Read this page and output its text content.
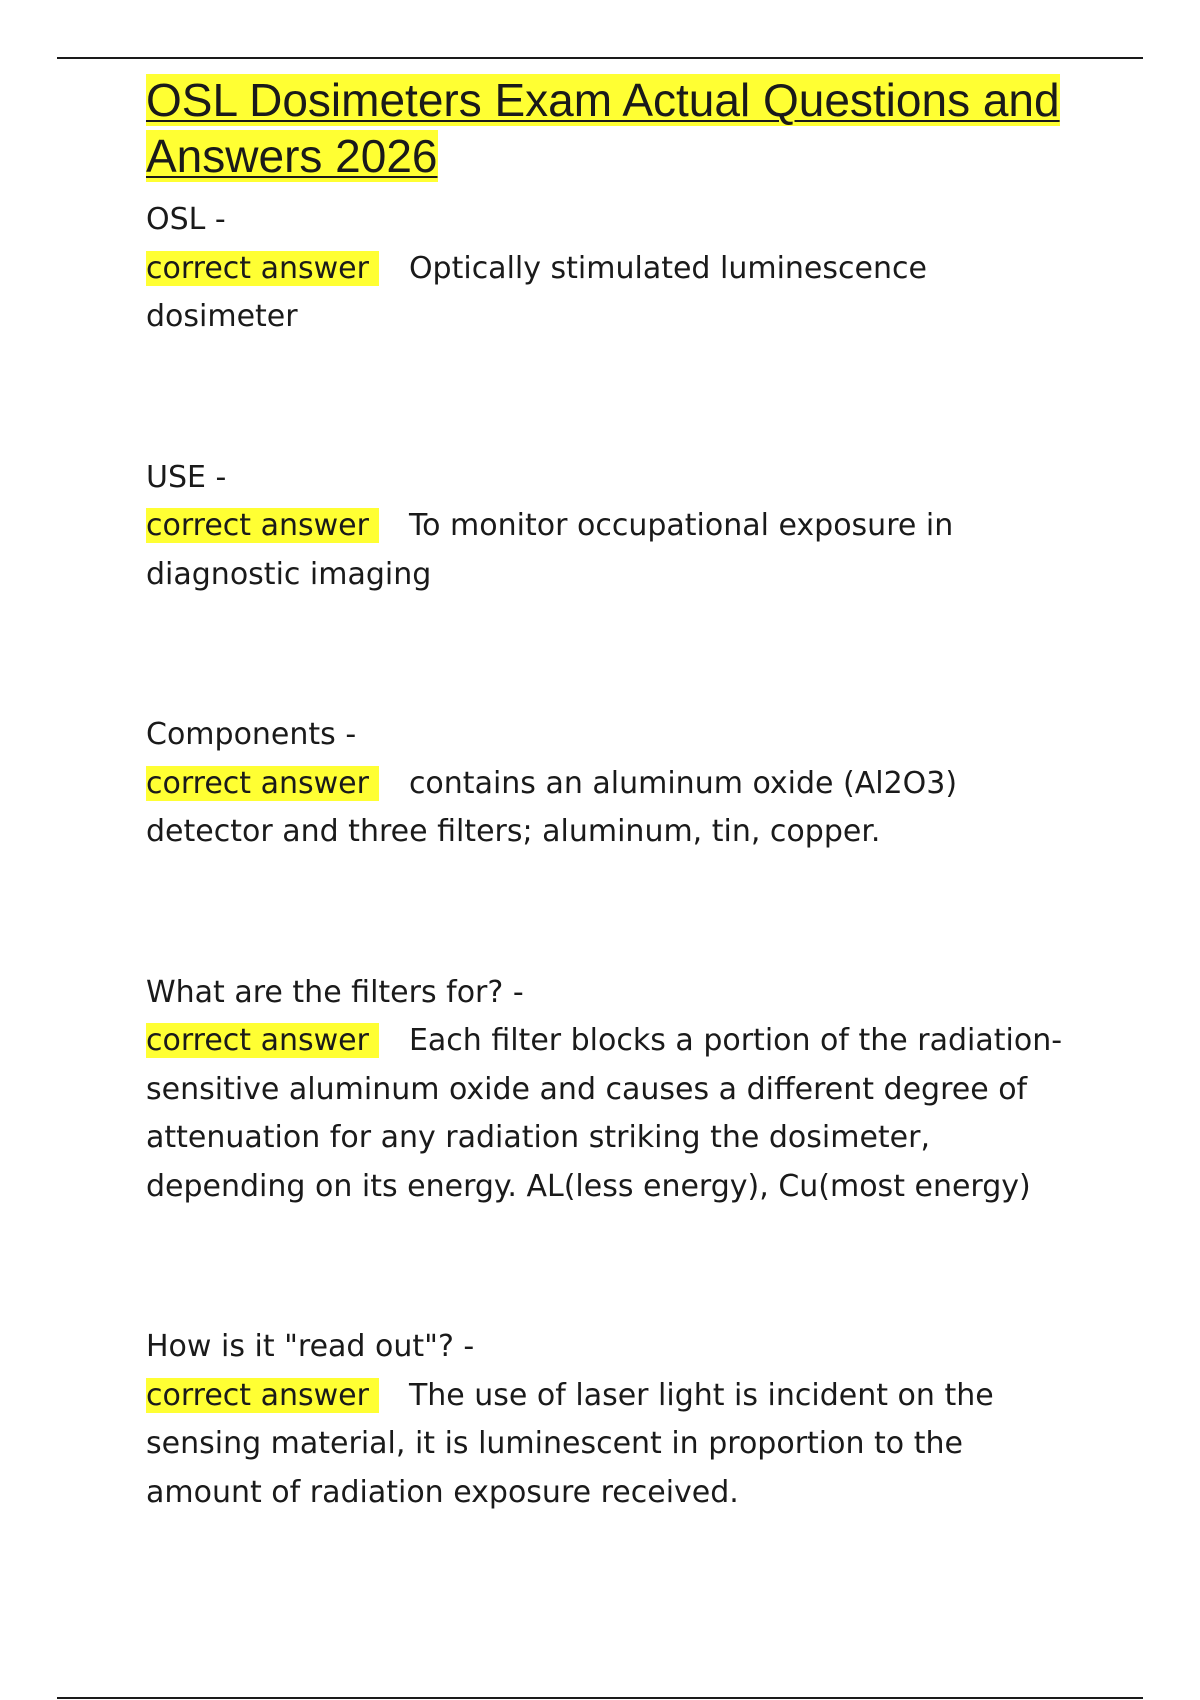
OSL Dosimeters Exam Actual Questions and Answers 2026
OSL -
correct answer Optically stimulated luminescence dosimeter
USE -
correct answer To monitor occupational exposure in diagnostic imaging
Components -
correct answer contains an aluminum oxide (Al2O3) detector and three filters; aluminum, tin, copper.
What are the filters for? -
correct answer Each filter blocks a portion of the radiation-sensitive aluminum oxide and causes a different degree of attenuation for any radiation striking the dosimeter, depending on its energy. AL(less energy), Cu(most energy)
How is it "read out"? -
correct answer The use of laser light is incident on the sensing material, it is luminescent in proportion to the amount of radiation exposure received.
